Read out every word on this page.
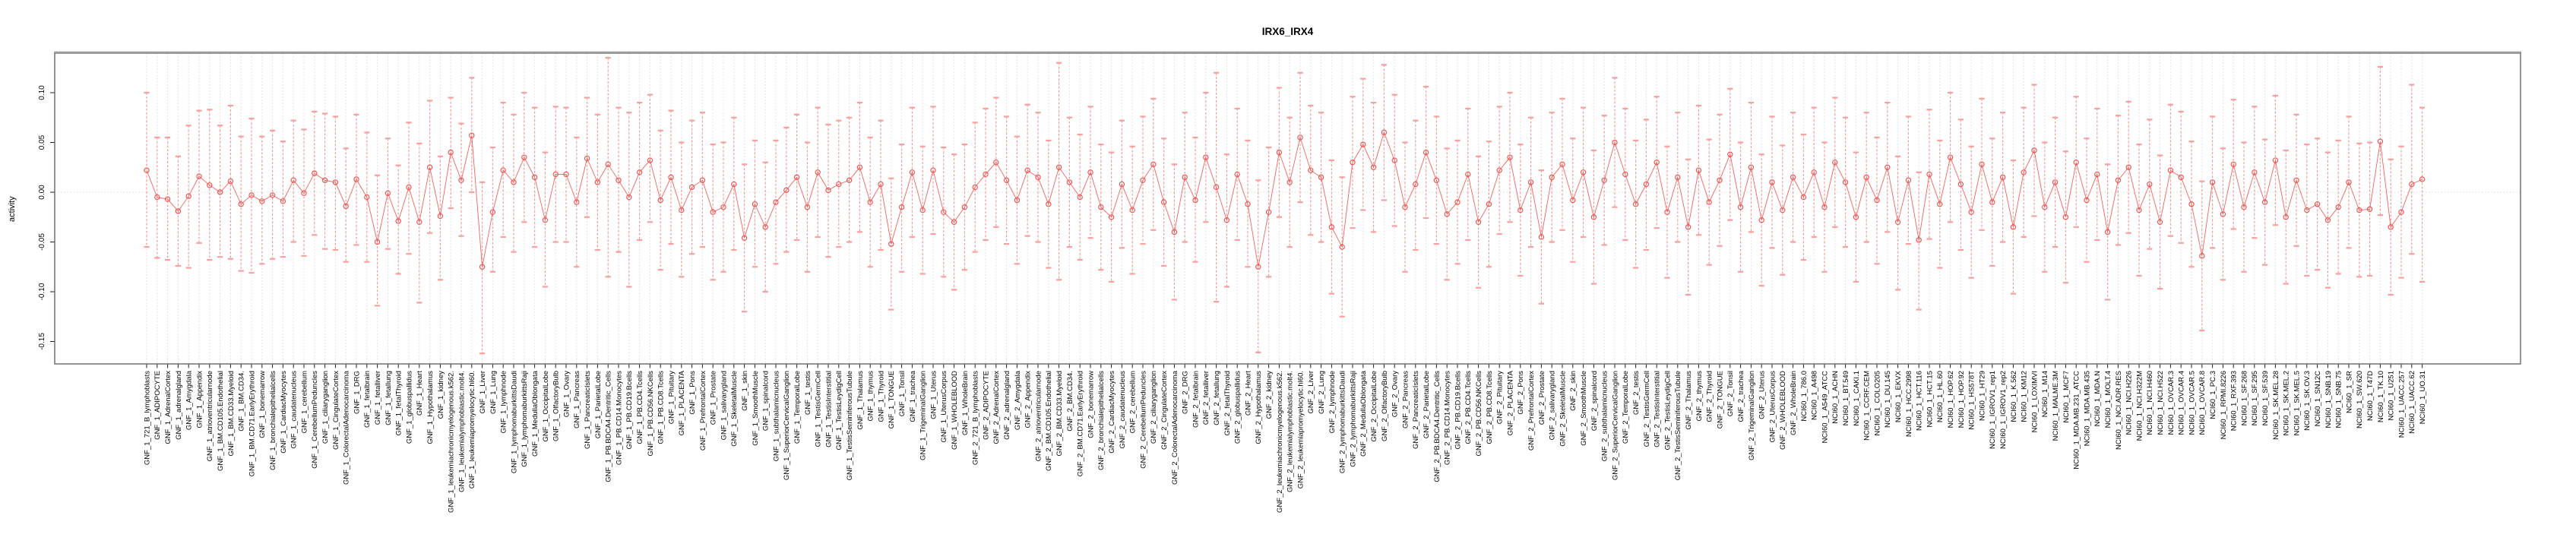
IRX6_IRX4
activity
0.10
0.05
0.00
-0.05
-0.10
-0.15
GNF_1_721_B_lymphoblasts GNF_1_ADIPOCYTE GNF_1_AdrenalCortex GNF_1_adrenalgland GNF_1_Amygdala GNF_1_Appendix GNF_1_atrioventricularnode GNF_1_BM.CD105.Endothelial GNF_1_BM.CD33.Myeloid GNF_1_BM.CD34. GNF_1_BM.CD71.EarlyErythroid GNF_1_bonemarrow GNF_1_bronchialepithelialcells GNF_1_CardiacMyocytes GNF_1_caudatenucleus GNF_1_cerebellum GNF_1_CerebellumPeduncles GNF_1_ciliaryganglion GNF_1_CingulateCortex GNF_1_ColorectalAdenocarcinoma GNF_1_DRG GNF_1_fetalbrain GNF_1_fetalliver GNF_1_fetallung GNF_1_fetalThyroid GNF_1_globuspallidus GNF_1_Heart GNF_1_Hypothalamus GNF_1_kidney GNF_1_leukemiachronicmyelogenous.k562. GNF_1_leukemialymphoblastic.molt4. GNF_1_leukemiapromyelocytic.hl60. GNF_1_Liver GNF_1_Lung GNF_1_lymphnode GNF_1_lymphomaburkittsDaudi GNF_1_lymphomaburkittsRaji GNF_1_MedullaOblongata GNF_1_OccipitalLobe GNF_1_OlfactoryBulb GNF_1_Ovary GNF_1_Pancreas GNF_1_PancreaticIslets GNF_1_ParietalLobe GNF_1_PB.BDCA4.Dentritic_Cells GNF_1_PB.CD14.Monocytes GNF_1_PB.CD19.Bcells GNF_1_PB.CD4.Tcells GNF_1_PB.CD56.NKCells GNF_1_PB.CD8.Tcells GNF_1_Pituitary GNF_1_PLACENTA GNF_1_Pons GNF_1_PrefrontalCortex GNF_1_Prostate GNF_1_salivarygland GNF_1_SkeletalMuscle GNF_1_skin GNF_1_SmoothMuscle GNF_1_spinalcord GNF_1_subthalamicnucleus GNF_1_SuperiorCervicalGanglion GNF_1_TemporalLobe GNF_1_testis GNF_1_TestisGermCell GNF_1_TestisInterstitial GNF_1_TestisLeydigCell GNF_1_TestisSeminiferousTubule GNF_1_Thalamus GNF_1_thymus GNF_1_Thyroid GNF_1_TONGUE GNF_1_Tonsil GNF_1_trachea GNF_1_TrigeminalGanglion GNF_1_Uterus GNF_1_UterusCorpus GNF_1_WHOLEBLOOD GNF_1_WholeBrain GNF_2_721_B_lymphoblasts GNF_2_ADIPOCYTE GNF_2_AdrenalCortex GNF_2_adrenalgland GNF_2_Amygdala GNF_2_Appendix GNF_2_atrioventricularnode GNF_2_BM.CD105.Endothelial GNF_2_BM.CD33.Myeloid GNF_2_BM.CD34. GNF_2_BM.CD71.EarlyErythroid GNF_2_bonemarrow GNF_2_bronchialepithelialcells GNF_2_CardiacMyocytes GNF_2_caudatenucleus GNF_2_cerebellum GNF_2_CerebellumPeduncles GNF_2_ciliaryganglion GNF_2_CingulateCortex GNF_2_ColorectalAdenocarcinoma GNF_2_DRG GNF_2_fetalbrain GNF_2_fetalliver GNF_2_fetallung GNF_2_fetalThyroid GNF_2_globuspallidus GNF_2_Heart GNF_2_Hypothalamus GNF_2_kidney GNF_2_leukemiachronicmyelogenous.k562. GNF_2_leukemialymphoblastic.molt4. GNF_2_leukemiapromyelocytic.hl60. GNF_2_Liver GNF_2_Lung GNF_2_lymphnode GNF_2_lymphomaburkittsDaudi GNF_2_lymphomaburkittsRaji GNF_2_MedullaOblongata GNF_2_OccipitalLobe GNF_2_OlfactoryBulb GNF_2_Ovary GNF_2_Pancreas GNF_2_PancreaticIslets GNF_2_ParietalLobe GNF_2_PB.BDCA4.Dentritic_Cells GNF_2_PB.CD14.Monocytes GNF_2_PB.CD19.Bcells GNF_2_PB.CD4.Tcells GNF_2_PB.CD56.NKCells GNF_2_PB.CD8.Tcells GNF_2_Pituitary GNF_2_PLACENTA GNF_2_Pons GNF_2_PrefrontalCortex GNF_2_Prostate GNF_2_salivarygland GNF_2_SkeletalMuscle GNF_2_skin GNF_2_SmoothMuscle GNF_2_spinalcord GNF_2_subthalamicnucleus GNF_2_SuperiorCervicalGanglion GNF_2_TemporalLobe GNF_2_testis GNF_2_TestisGermCell GNF_2_TestisInterstitial GNF_2_TestisLeydigCell GNF_2_TestisSeminiferousTubule GNF_2_Thalamus GNF_2_thymus GNF_2_Thyroid GNF_2_TONGUE GNF_2_Tonsil GNF_2_trachea GNF_2_TrigeminalGanglion GNF_2_Uterus GNF_2_UterusCorpus GNF_2_WHOLEBLOOD GNF_2_WholeBrain NCI60_1_786.0 NCI60_1_A498 NCI60_1_A549_ATCC NCI60_1_ACHN NCI60_1_BT.549 NCI60_1_CAKI.1 NCI60_1_CCRF.CEM NCI60_1_COLO205 NCI60_1_DU.145 NCI60_1_EKVX NCI60_1_HCC.2998 NCI60_1_HCT.116 NCI60_1_HCT.15 NCI60_1_HL.60 NCI60_1_HOP.62 NCI60_1_HOP.92 NCI60_1_HS578T NCI60_1_HT29 NCI60_1_IGROV1_rep1 NCI60_1_IGROV1_rep2 NCI60_1_K.562 NCI60_1_KM12 NCI60_1_LOXIMVI NCI60_1_M14 NCI60_1_MALME.3M NCI60_1_MCF7 NCI60_1_MDA.MB.231_ATCC NCI60_1_MDA.MB.435 NCI60_1_MDA.N NCI60_1_MOLT.4 NCI60_1_NCI.ADR.RES NCI60_1_NCI.H226 NCI60_1_NCI.H322M NCI60_1_NCI.H460 NCI60_1_NCI.H522 NCI60_1_OVCAR.3 NCI60_1_OVCAR.4 NCI60_1_OVCAR.5 NCI60_1_OVCAR.8 NCI60_1_PC.3 NCI60_1_RPMI.8226 NCI60_1_RXF.393 NCI60_1_SF.268 NCI60_1_SF.295 NCI60_1_SF.539 NCI60_1_SK.MEL.28 NCI60_1_SK.MEL.2 NCI60_1_SK.MEL.5 NCI60_1_SK.OV.3 NCI60_1_SN12C NCI60_1_SNB.19 NCI60_1_SNB.75 NCI60_1_SR NCI60_1_SW.620 NCI60_1_T47D NCI60_1_TK.10 NCI60_1_U251 NCI60_1_UACC.257 NCI60_1_UACC.62 NCI60_1_UO.31
